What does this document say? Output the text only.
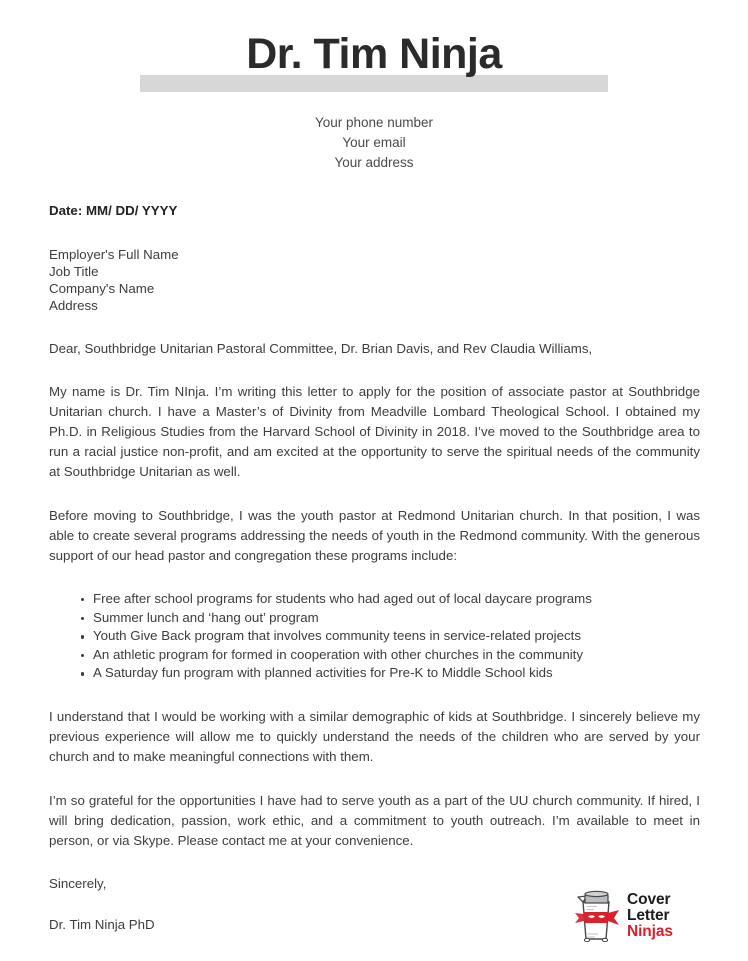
Dr. Tim Ninja
Your phone number
Your email
Your address
Date: MM/ DD/ YYYY
Employer's Full Name
Job Title
Company's Name
Address
Dear, Southbridge Unitarian Pastoral Committee, Dr. Brian Davis, and Rev Claudia Williams,

My name is Dr. Tim NInja. I’m writing this letter to apply for the position of associate pastor at Southbridge Unitarian church. I have a Master’s of Divinity from Meadville Lombard Theological School. I obtained my Ph.D. in Religious Studies from the Harvard School of Divinity in 2018. I’ve moved to the Southbridge area to run a racial justice non-profit, and am excited at the opportunity to serve the spiritual needs of the community at Southbridge Unitarian as well.

Before moving to Southbridge, I was the youth pastor at Redmond Unitarian church. In that position, I was able to create several programs addressing the needs of youth in the Redmond community. With the generous support of our head pastor and congregation these programs include:

Free after school programs for students who had aged out of local daycare programs
Summer lunch and ‘hang out’ program
Youth Give Back program that involves community teens in service-related projects
An athletic program for formed in cooperation with other churches in the community
A Saturday fun program with planned activities for Pre-K to Middle School kids

I understand that I would be working with a similar demographic of kids at Southbridge. I sincerely believe my previous experience will allow me to quickly understand the needs of the children who are served by your church and to make meaningful connections with them.

I’m so grateful for the opportunities I have had to serve youth as a part of the UU church community. If hired, I will bring dedication, passion, work ethic, and a commitment to youth outreach. I’m available to meet in person, or via Skype. Please contact me at your convenience.

Sincerely,
Dr. Tim Ninja PhD
Cover Letter
Ninjas
